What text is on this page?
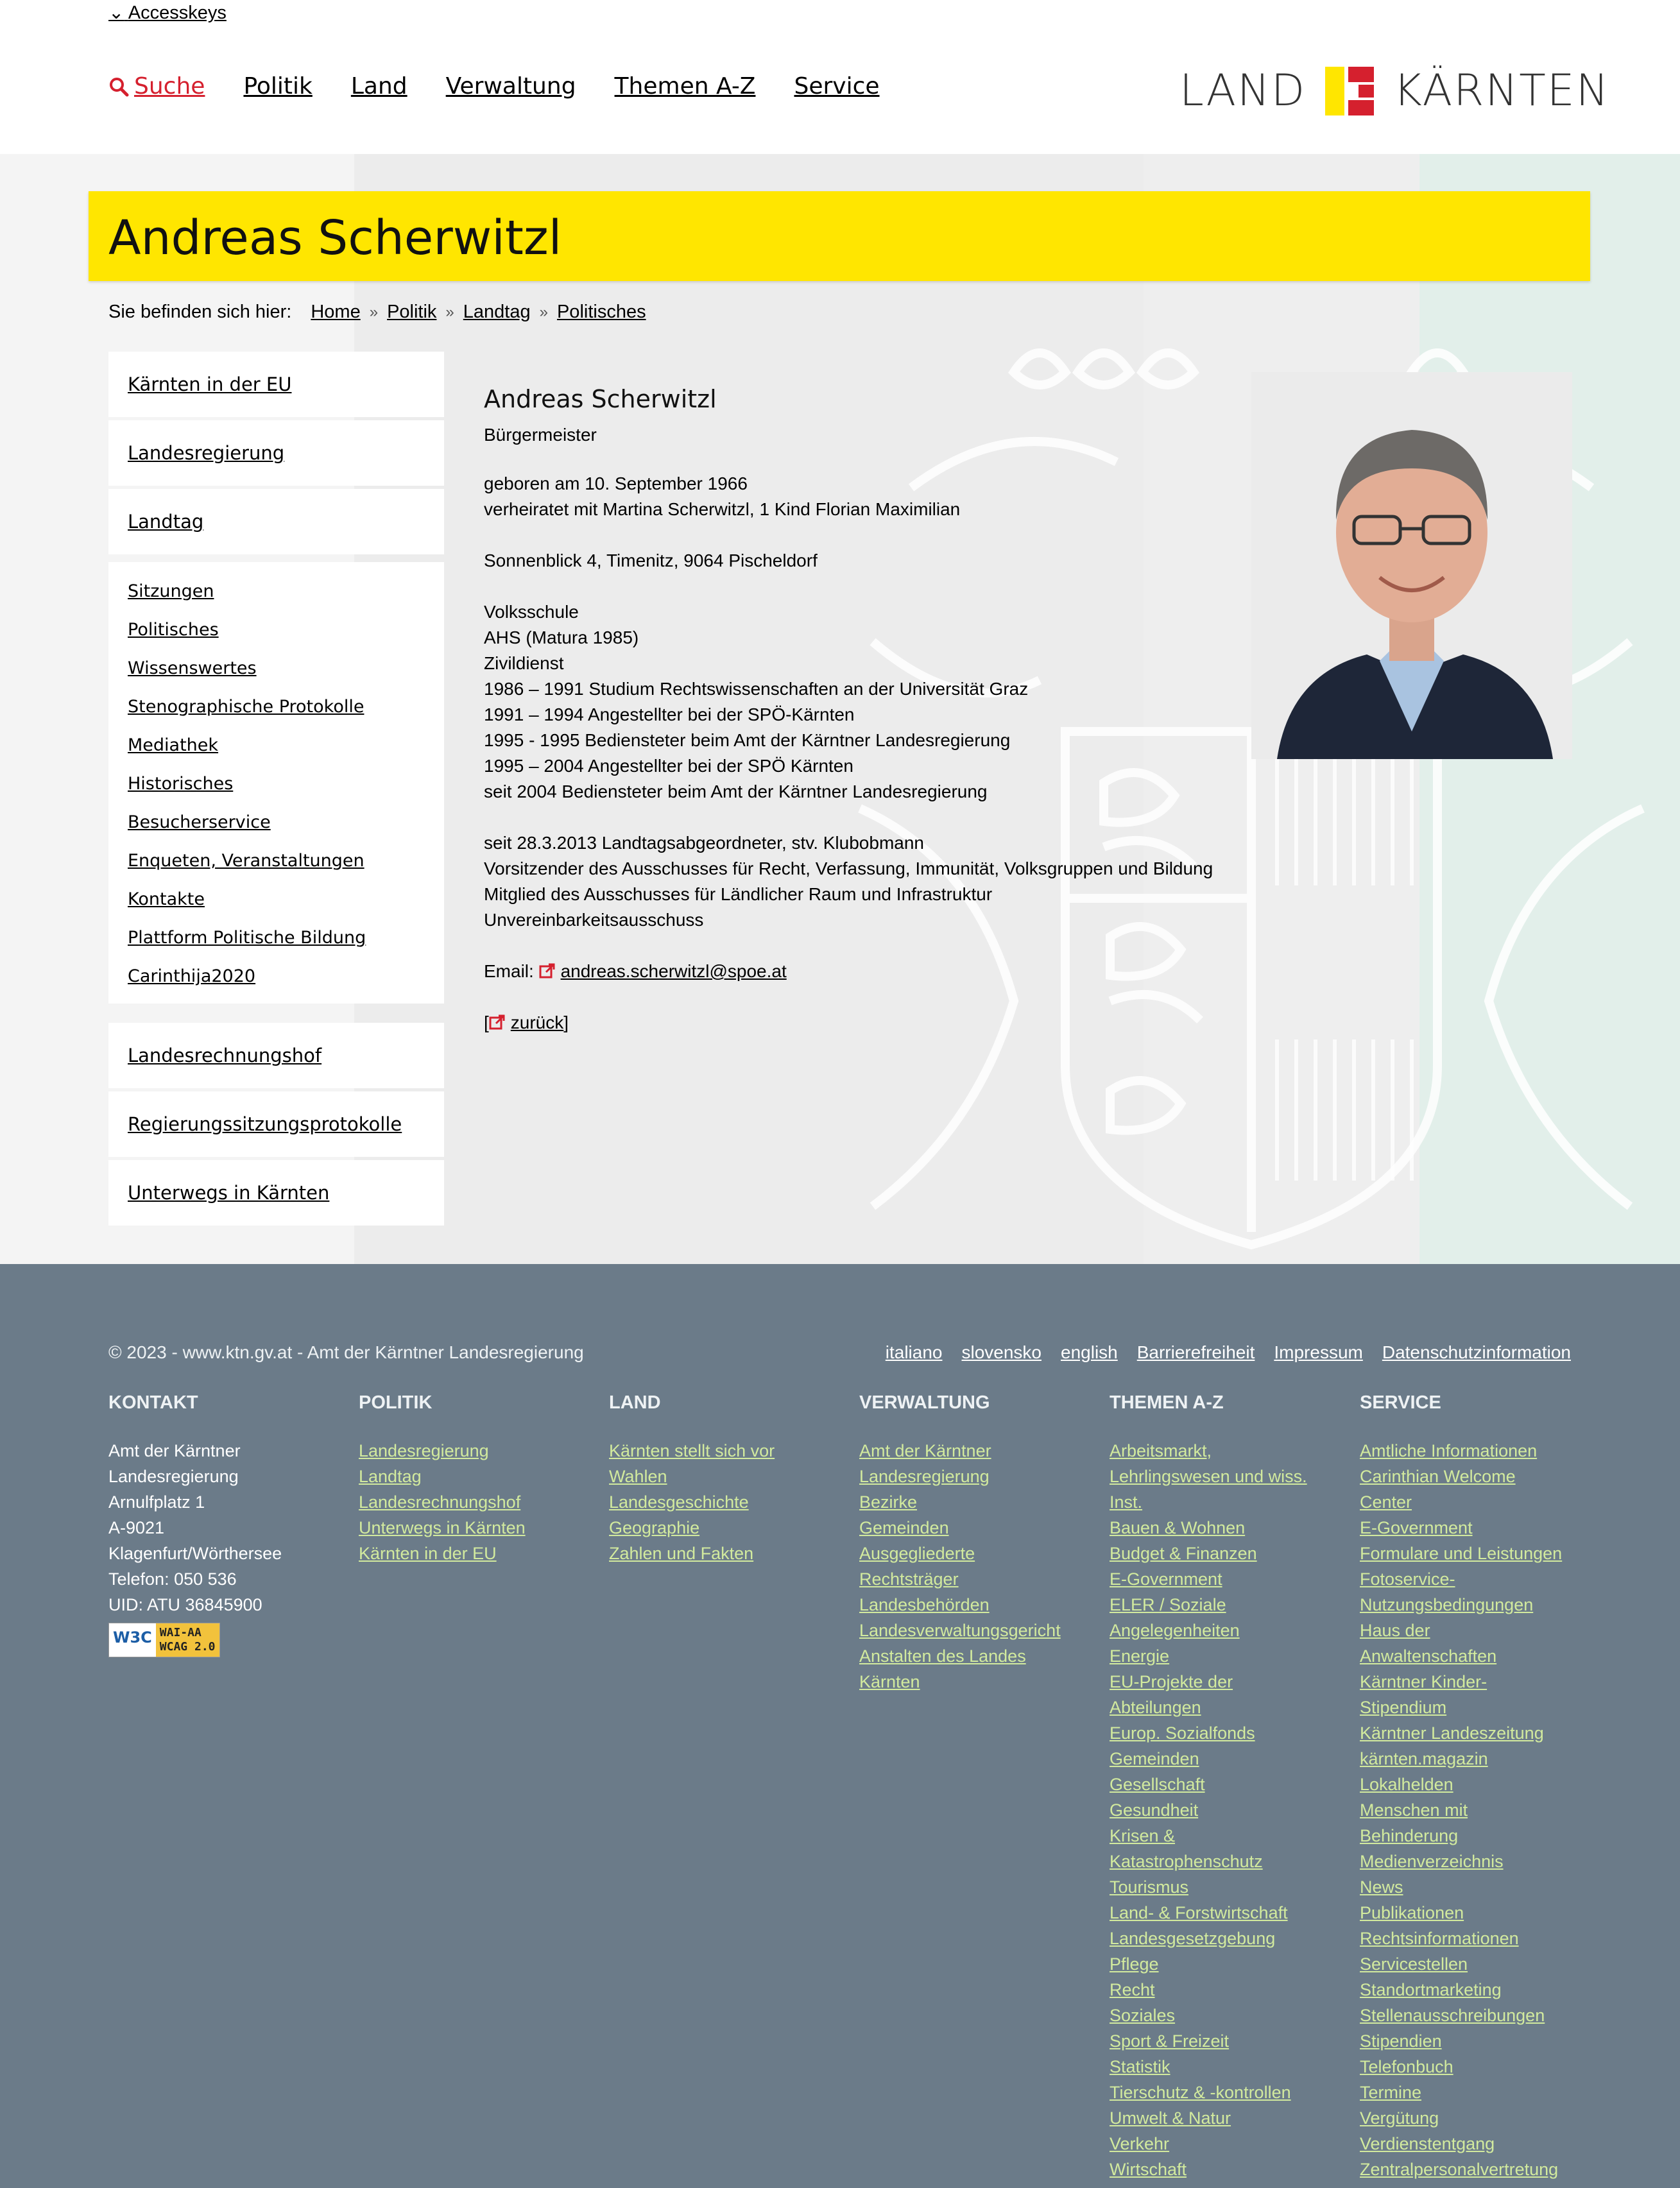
⌄ Accesskeys
Suche Politik Land Verwaltung Themen A-Z Service	LAND KÄRNTEN
Andreas Scherwitzl
Sie befinden sich hier: Home » Politik » Landtag » Politisches
Kärnten in der EU
Landesregierung
Landtag
Sitzungen
Politisches
Wissenswertes
Stenographische Protokolle
Mediathek
Historisches
Besucherservice
Enqueten, Veranstaltungen
Kontakte
Plattform Politische Bildung
Carinthija2020
Landesrechnungshof
Regierungssitzungsprotokolle
Unterwegs in Kärnten
Andreas Scherwitzl
Bürgermeister
geboren am 10. September 1966
verheiratet mit Martina Scherwitzl, 1 Kind Florian Maximilian
Sonnenblick 4, Timenitz, 9064 Pischeldorf
Volksschule
AHS (Matura 1985)
Zivildienst
1986 – 1991 Studium Rechtswissenschaften an der Universität Graz
1991 – 1994 Angestellter bei der SPÖ-Kärnten
1995 - 1995 Bediensteter beim Amt der Kärntner Landesregierung
1995 – 2004 Angestellter bei der SPÖ Kärnten
seit 2004 Bediensteter beim Amt der Kärntner Landesregierung
seit 28.3.2013 Landtagsabgeordneter, stv. Klubobmann
Vorsitzender des Ausschusses für Recht, Verfassung, Immunität, Volksgruppen und Bildung
Mitglied des Ausschusses für Ländlicher Raum und Infrastruktur
Unvereinbarkeitsausschuss
Email: andreas.scherwitzl@spoe.at
[ zurück]
© 2023 - www.ktn.gv.at - Amt der Kärntner Landesregierung	italiano slovensko english Barrierefreiheit Impressum Datenschutzinformation
KONTAKT
Amt der Kärntner
Landesregierung
Arnulfplatz 1
A-9021
Klagenfurt/Wörthersee
Telefon: 050 536
UID: ATU 36845900
W3C WAI-AA
WCAG 2.0
POLITIK
Landesregierung
Landtag
Landesrechnungshof
Unterwegs in Kärnten
Kärnten in der EU
LAND
Kärnten stellt sich vor
Wahlen
Landesgeschichte
Geographie
Zahlen und Fakten
VERWALTUNG
Amt der Kärntner
Landesregierung
Bezirke
Gemeinden
Ausgegliederte
Rechtsträger
Landesbehörden
Landesverwaltungsgericht
Anstalten des Landes
Kärnten
THEMEN A-Z
Arbeitsmarkt,
Lehrlingswesen und wiss.
Inst.
Bauen & Wohnen
Budget & Finanzen
E-Government
ELER / Soziale
Angelegenheiten
Energie
EU-Projekte der
Abteilungen
Europ. Sozialfonds
Gemeinden
Gesellschaft
Gesundheit
Krisen &
Katastrophenschutz
Tourismus
Land- & Forstwirtschaft
Landesgesetzgebung
Pflege
Recht
Soziales
Sport & Freizeit
Statistik
Tierschutz & -kontrollen
Umwelt & Natur
Verkehr
Wirtschaft
SERVICE
Amtliche Informationen
Carinthian Welcome
Center
E-Government
Formulare und Leistungen
Fotoservice-
Nutzungsbedingungen
Haus der
Anwaltenschaften
Kärntner Kinder-
Stipendium
Kärntner Landeszeitung
kärnten.magazin
Lokalhelden
Menschen mit
Behinderung
Medienverzeichnis
News
Publikationen
Rechtsinformationen
Servicestellen
Standortmarketing
Stellenausschreibungen
Stipendien
Telefonbuch
Termine
Vergütung
Verdienstentgang
Zentralpersonalvertretung
